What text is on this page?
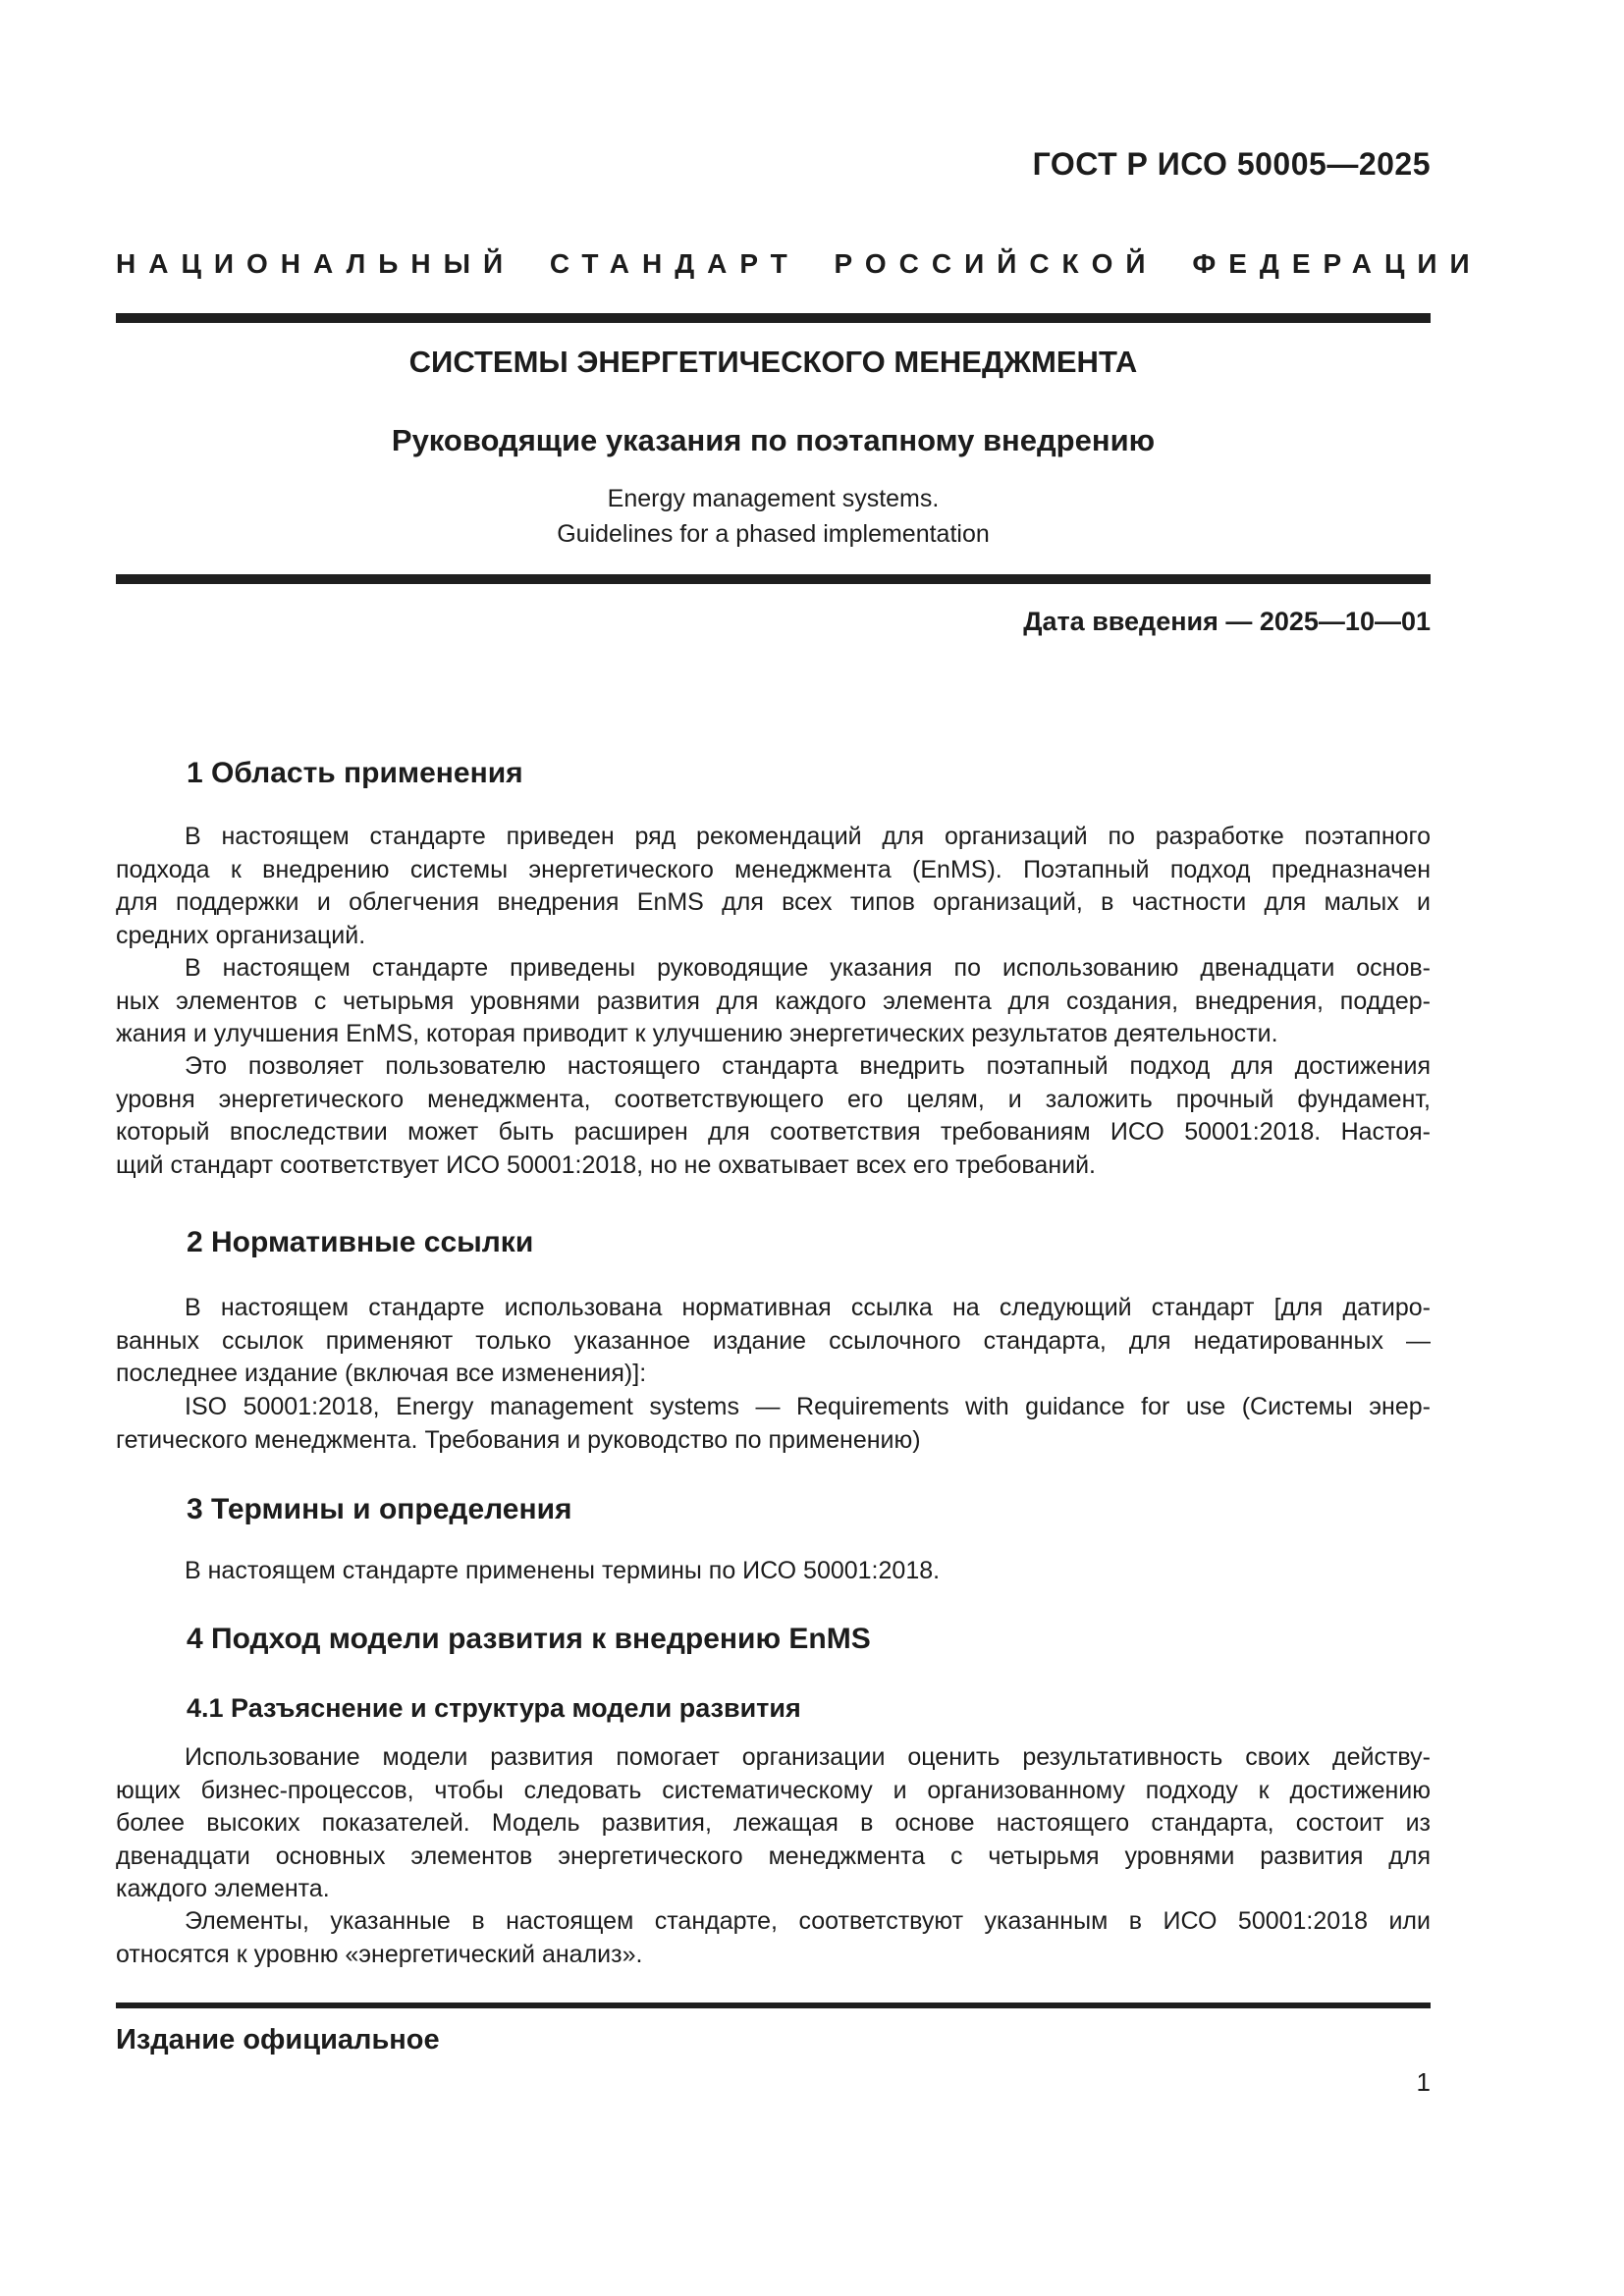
ГОСТ Р ИСО 50005—2025
НАЦИОНАЛЬНЫЙ СТАНДАРТ РОССИЙСКОЙ ФЕДЕРАЦИИ
СИСТЕМЫ ЭНЕРГЕТИЧЕСКОГО МЕНЕДЖМЕНТА
Руководящие указания по поэтапному внедрению
Energy management systems.
Guidelines for a phased implementation
Дата введения — 2025—10—01
1 Область применения
В настоящем стандарте приведен ряд рекомендаций для организаций по разработке поэтапного
подхода к внедрению системы энергетического менеджмента (EnMS). Поэтапный подход предназначен
для поддержки и облегчения внедрения EnMS для всех типов организаций, в частности для малых и
средних организаций.
В настоящем стандарте приведены руководящие указания по использованию двенадцати основ-
ных элементов с четырьмя уровнями развития для каждого элемента для создания, внедрения, поддер-
жания и улучшения EnMS, которая приводит к улучшению энергетических результатов деятельности.
Это позволяет пользователю настоящего стандарта внедрить поэтапный подход для достижения
уровня энергетического менеджмента, соответствующего его целям, и заложить прочный фундамент,
который впоследствии может быть расширен для соответствия требованиям ИСО 50001:2018. Настоя-
щий стандарт соответствует ИСО 50001:2018, но не охватывает всех его требований.
2 Нормативные ссылки
В настоящем стандарте использована нормативная ссылка на следующий стандарт [для датиро-
ванных ссылок применяют только указанное издание ссылочного стандарта, для недатированных —
последнее издание (включая все изменения)]:
ISO 50001:2018, Energy management systems — Requirements with guidance for use (Системы энер-
гетического менеджмента. Требования и руководство по применению)
3 Термины и определения
В настоящем стандарте применены термины по ИСО 50001:2018.
4 Подход модели развития к внедрению EnMS
4.1 Разъяснение и структура модели развития
Использование модели развития помогает организации оценить результативность своих действу-
ющих бизнес-процессов, чтобы следовать систематическому и организованному подходу к достижению
более высоких показателей. Модель развития, лежащая в основе настоящего стандарта, состоит из
двенадцати основных элементов энергетического менеджмента с четырьмя уровнями развития для
каждого элемента.
Элементы, указанные в настоящем стандарте, соответствуют указанным в ИСО 50001:2018 или
относятся к уровню «энергетический анализ».
Издание официальное
1
